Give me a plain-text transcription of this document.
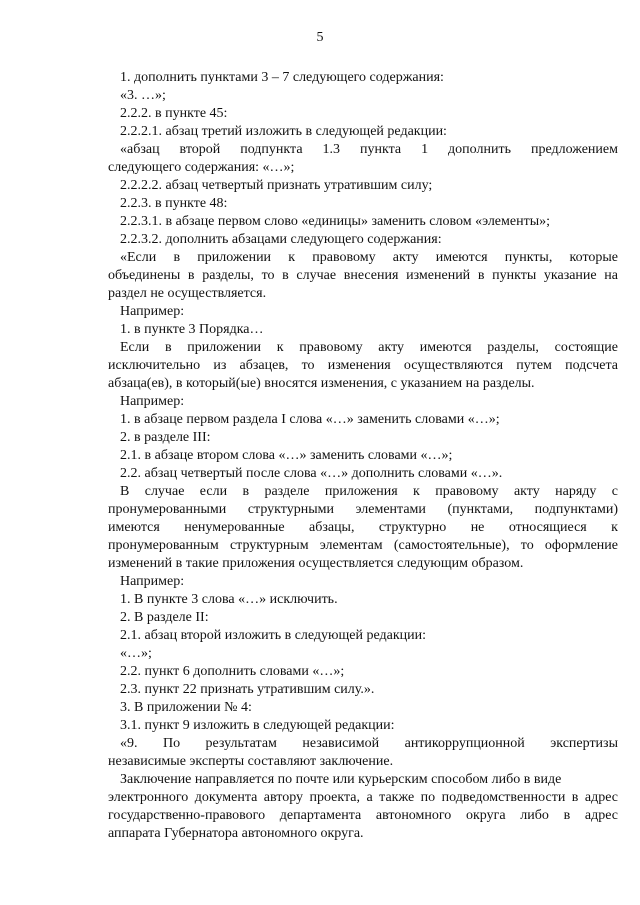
5
1. дополнить пунктами 3 – 7 следующего содержания:
«3. …»;
2.2.2. в пункте 45:
2.2.2.1. абзац третий изложить в следующей редакции:
«абзац второй подпункта 1.3 пункта 1 дополнить предложением
следующего содержания: «…»;
2.2.2.2. абзац четвертый признать утратившим силу;
2.2.3. в пункте 48:
2.2.3.1. в абзаце первом слово «единицы» заменить словом «элементы»;
2.2.3.2. дополнить абзацами следующего содержания:
«Если в приложении к правовому акту имеются пункты, которые
объединены в разделы, то в случае внесения изменений в пункты указание на
раздел не осуществляется.
Например:
1. в пункте 3 Порядка…
Если в приложении к правовому акту имеются разделы, состоящие
исключительно из абзацев, то изменения осуществляются путем подсчета
абзаца(ев), в который(ые) вносятся изменения, с указанием на разделы.
Например:
1. в абзаце первом раздела I слова «…» заменить словами «…»;
2. в разделе III:
2.1. в абзаце втором слова «…» заменить словами «…»;
2.2. абзац четвертый после слова «…» дополнить словами «…».
В случае если в разделе приложения к правовому акту наряду с
пронумерованными структурными элементами (пунктами, подпунктами)
имеются ненумерованные абзацы, структурно не относящиеся к
пронумерованным структурным элементам (самостоятельные), то оформление
изменений в такие приложения осуществляется следующим образом.
Например:
1. В пункте 3 слова «…» исключить.
2. В разделе II:
2.1. абзац второй изложить в следующей редакции:
«…»;
2.2. пункт 6 дополнить словами «…»;
2.3. пункт 22 признать утратившим силу.».
3. В приложении № 4:
3.1. пункт 9 изложить в следующей редакции:
«9. По результатам независимой антикоррупционной экспертизы
независимые эксперты составляют заключение.
Заключение направляется по почте или курьерским способом либо в виде
электронного документа автору проекта, а также по подведомственности в адрес
государственно-правового департамента автономного округа либо в адрес
аппарата Губернатора автономного округа.
